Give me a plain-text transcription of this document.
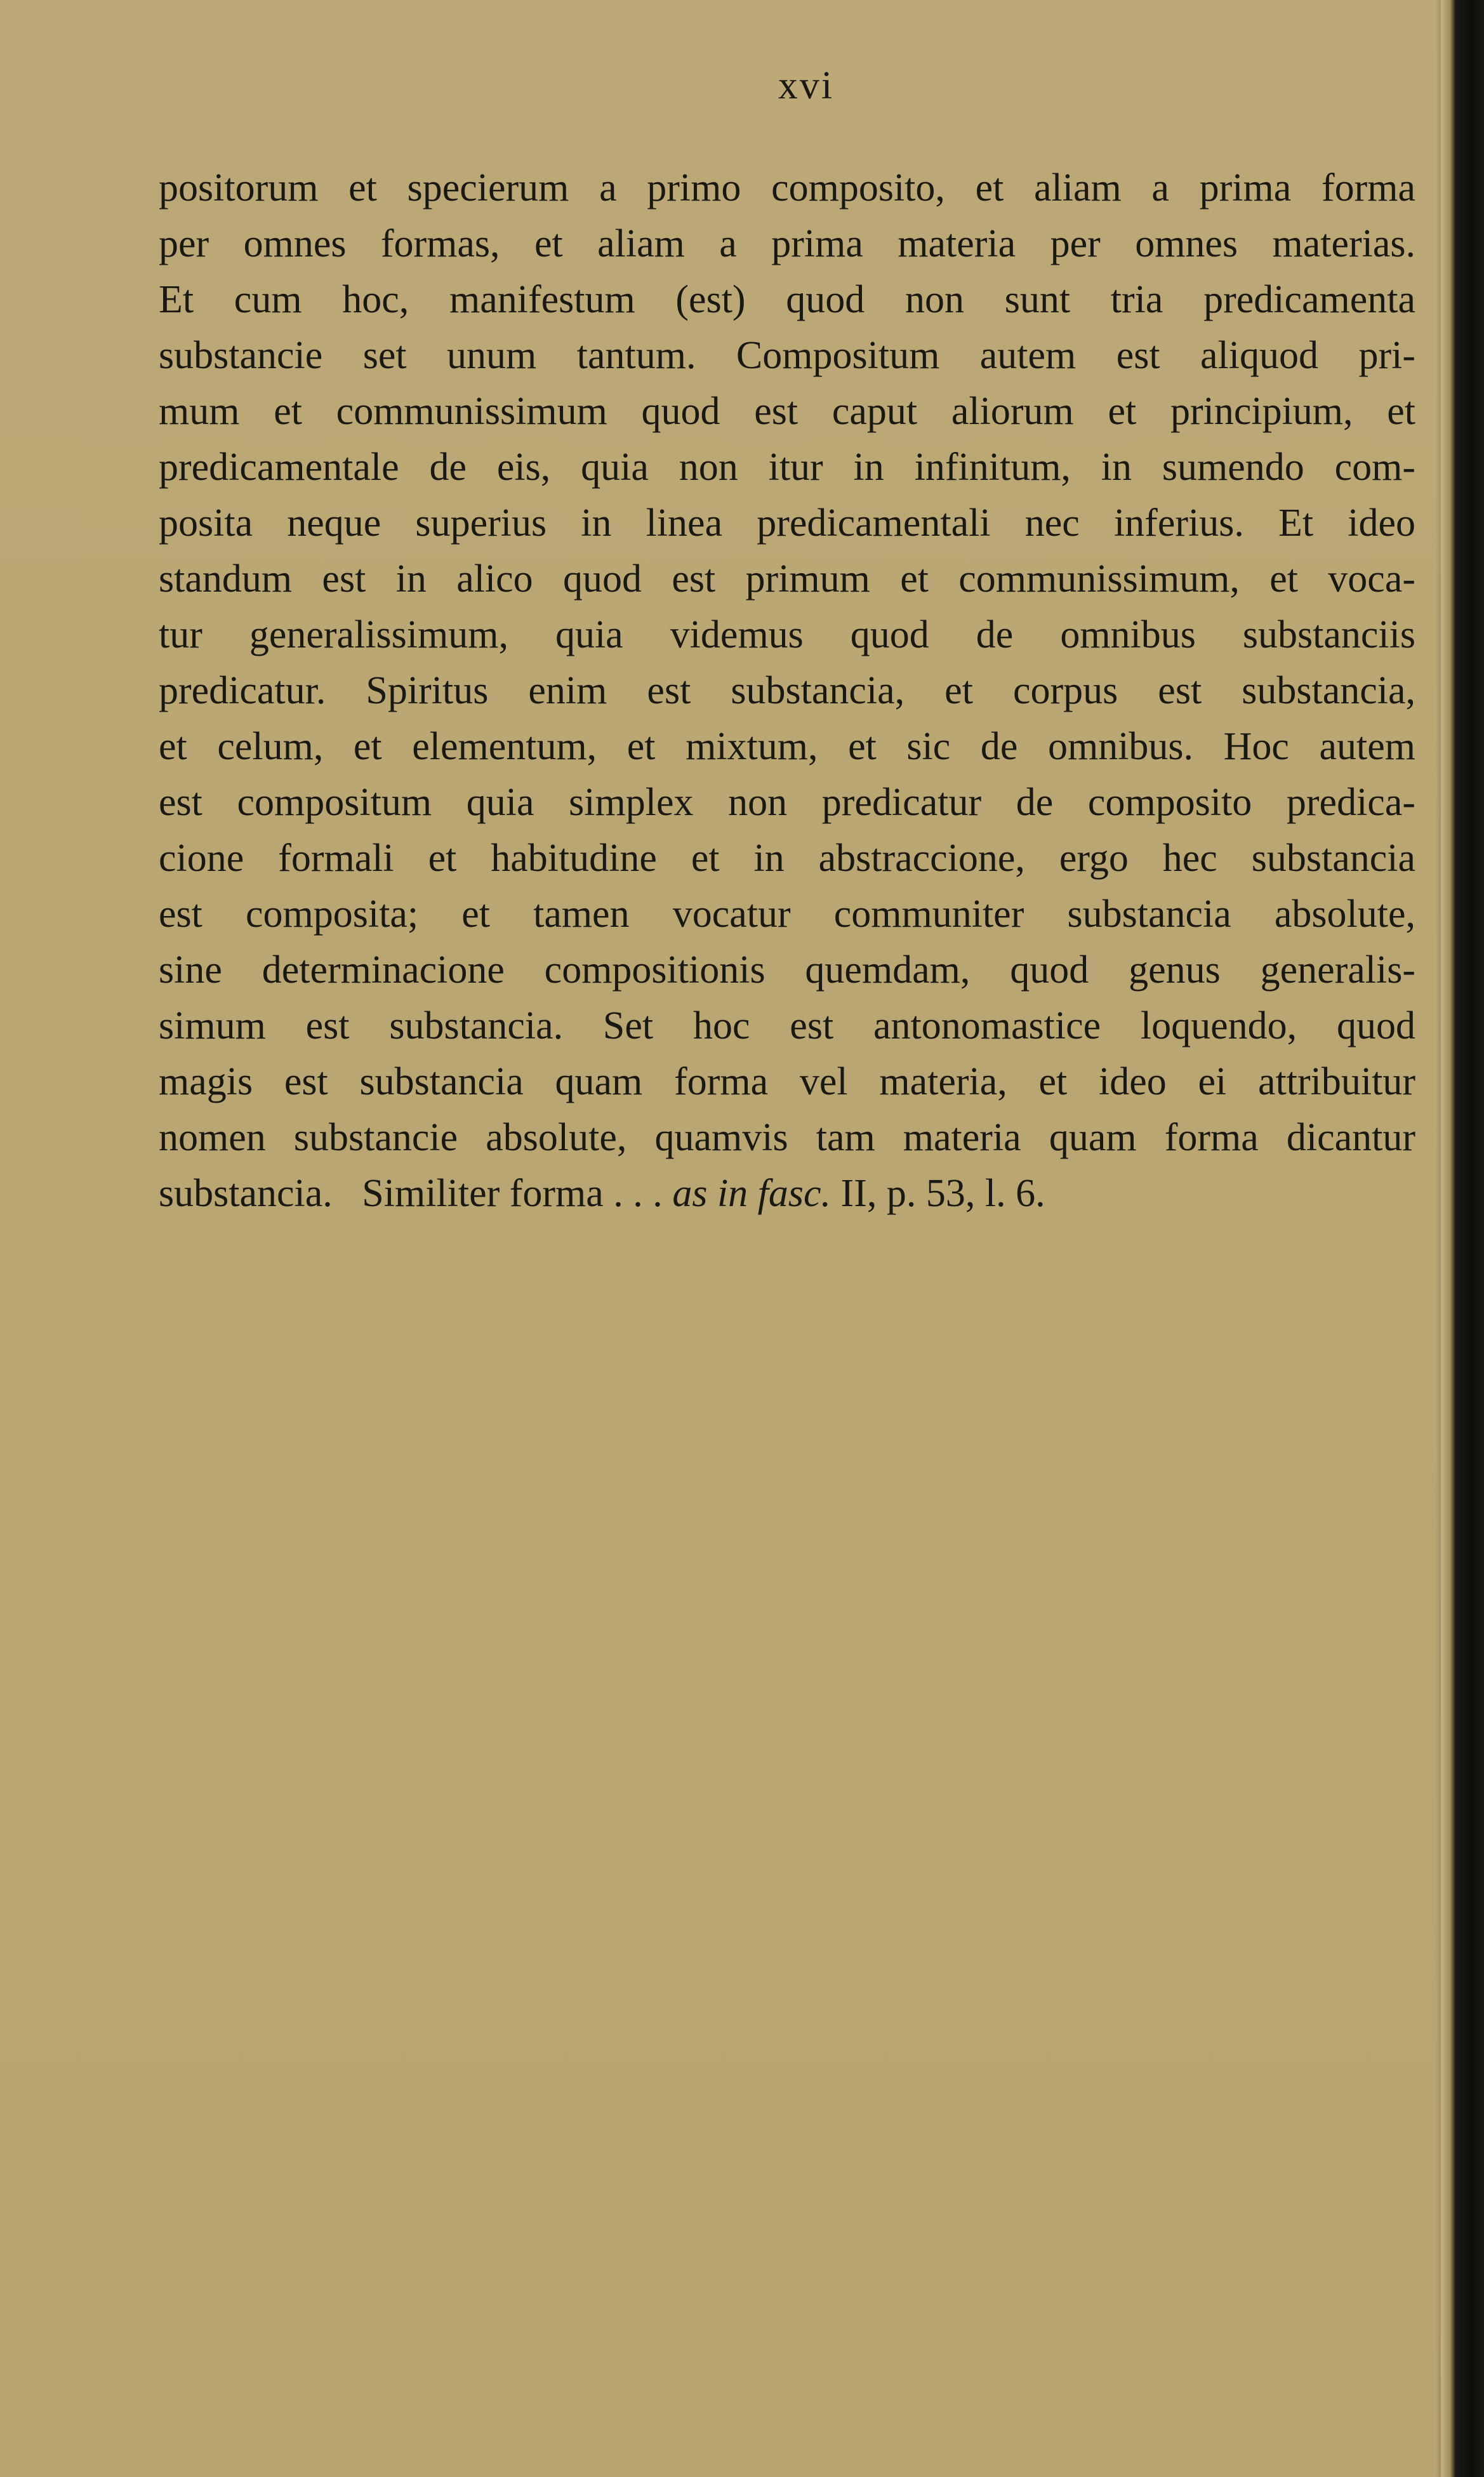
xvi
positorum et specierum a primo composito, et aliam a prima forma
per omnes formas, et aliam a prima materia per omnes materias.
Et cum hoc, manifestum (est) quod non sunt tria predicamenta
substancie set unum tantum. Compositum autem est aliquod pri-
mum et communissimum quod est caput aliorum et principium, et
predicamentale de eis, quia non itur in infinitum, in sumendo com-
posita neque superius in linea predicamentali nec inferius. Et ideo
standum est in alico quod est primum et communissimum, et voca-
tur generalissimum, quia videmus quod de omnibus substanciis
predicatur. Spiritus enim est substancia, et corpus est substancia,
et celum, et elementum, et mixtum, et sic de omnibus. Hoc autem
est compositum quia simplex non predicatur de composito predica-
cione formali et habitudine et in abstraccione, ergo hec substancia
est composita; et tamen vocatur communiter substancia absolute,
sine determinacione compositionis quemdam, quod genus generalis-
simum est substancia. Set hoc est antonomastice loquendo, quod
magis est substancia quam forma vel materia, et ideo ei attribuitur
nomen substancie absolute, quamvis tam materia quam forma dicantur
substancia.   Similiter forma . . . as in fasc. II, p. 53, l. 6.
